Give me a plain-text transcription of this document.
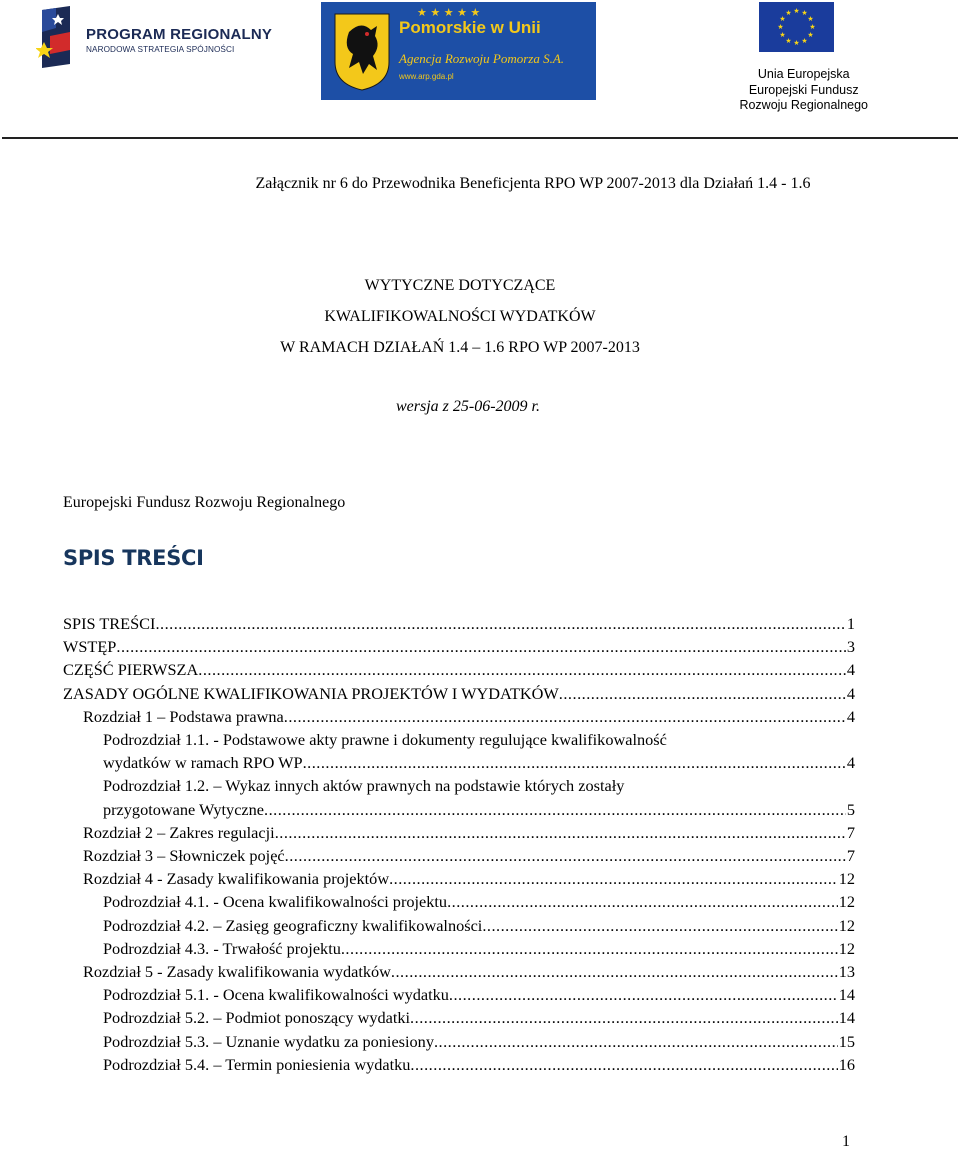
PROGRAM REGIONALNY
NARODOWA STRATEGIA SPÓJNOŚCI
★ ★ ★ ★ ★
Pomorskie w Unii
Agencja Rozwoju Pomorza S.A.
www.arp.gda.pl
★ ★
★
★
★
★
★
★
★
★
★
★
Unia Europejska
Europejski Fundusz
Rozwoju Regionalnego
Załącznik nr 6 do Przewodnika Beneficjenta RPO WP 2007-2013 dla Działań 1.4 - 1.6
WYTYCZNE DOTYCZĄCE
KWALIFIKOWALNOŚCI WYDATKÓW
W RAMACH DZIAŁAŃ 1.4 – 1.6 RPO WP 2007-2013
wersja z 25-06-2009 r.
Europejski Fundusz Rozwoju Regionalnego
SPIS TREŚCI
SPIS TREŚCI .....	1
WSTĘP .....	3
CZĘŚĆ PIERWSZA .....	4
ZASADY OGÓLNE KWALIFIKOWANIA PROJEKTÓW I WYDATKÓW .....	4
Rozdział 1 – Podstawa prawna .....	4
Podrozdział 1.1. - Podstawowe akty prawne i dokumenty regulujące kwalifikowalność
wydatków w ramach RPO WP .....	4
Podrozdział 1.2. – Wykaz innych aktów prawnych na podstawie których zostały
przygotowane Wytyczne .....	5
Rozdział 2 – Zakres regulacji .....	7
Rozdział 3 – Słowniczek pojęć .....	7
Rozdział 4 - Zasady kwalifikowania projektów .....	12
Podrozdział 4.1. - Ocena kwalifikowalności projektu .....	12
Podrozdział 4.2. – Zasięg geograficzny kwalifikowalności .....	12
Podrozdział 4.3. - Trwałość projektu .....	12
Rozdział 5 - Zasady kwalifikowania wydatków .....	13
Podrozdział 5.1. - Ocena kwalifikowalności wydatku .....	14
Podrozdział 5.2. – Podmiot ponoszący wydatki .....	14
Podrozdział 5.3. – Uznanie wydatku za poniesiony .....	15
Podrozdział 5.4. – Termin poniesienia wydatku .....	16
1
